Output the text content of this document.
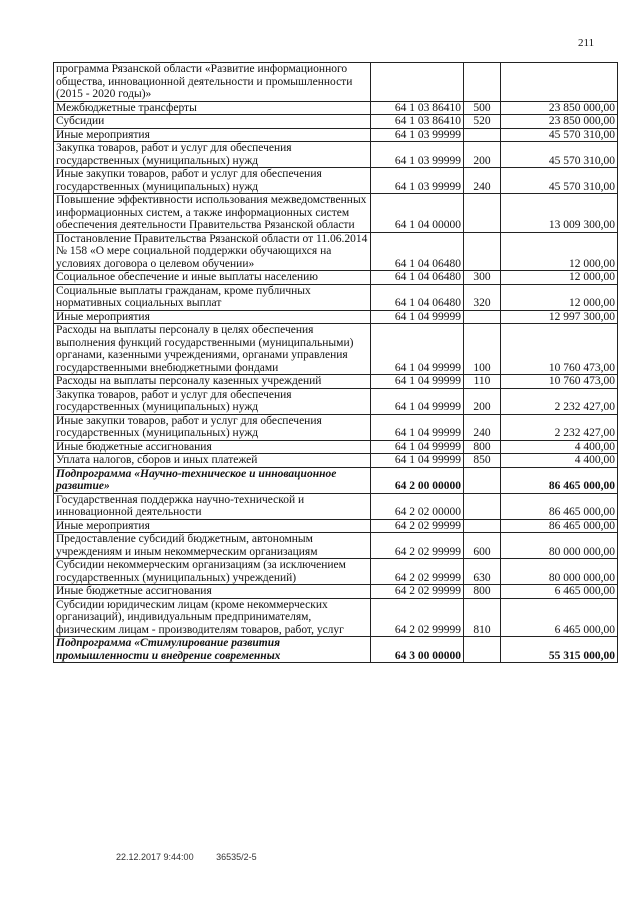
211
программа Рязанской области «Развитие информационного общества, инновационной деятельности и промышленности (2015 - 2020 годы)»			
Межбюджетные трансферты	64 1 03 86410	500	23 850 000,00
Субсидии	64 1 03 86410	520	23 850 000,00
Иные мероприятия	64 1 03 99999		45 570 310,00
Закупка товаров, работ и услуг для обеспечения государственных (муниципальных) нужд	64 1 03 99999	200	45 570 310,00
Иные закупки товаров, работ и услуг для обеспечения государственных (муниципальных) нужд	64 1 03 99999	240	45 570 310,00
Повышение эффективности использования межведомственных информационных систем, а также информационных систем обеспечения деятельности Правительства Рязанской области	64 1 04 00000		13 009 300,00
Постановление Правительства Рязанской области от 11.06.2014 № 158 «О мере социальной поддержки обучающихся на условиях договора о целевом обучении»	64 1 04 06480		12 000,00
Социальное обеспечение и иные выплаты населению	64 1 04 06480	300	12 000,00
Социальные выплаты гражданам, кроме публичных нормативных социальных выплат	64 1 04 06480	320	12 000,00
Иные мероприятия	64 1 04 99999		12 997 300,00
Расходы на выплаты персоналу в целях обеспечения выполнения функций государственными (муниципальными) органами, казенными учреждениями, органами управления государственными внебюджетными фондами	64 1 04 99999	100	10 760 473,00
Расходы на выплаты персоналу казенных учреждений	64 1 04 99999	110	10 760 473,00
Закупка товаров, работ и услуг для обеспечения государственных (муниципальных) нужд	64 1 04 99999	200	2 232 427,00
Иные закупки товаров, работ и услуг для обеспечения государственных (муниципальных) нужд	64 1 04 99999	240	2 232 427,00
Иные бюджетные ассигнования	64 1 04 99999	800	4 400,00
Уплата налогов, сборов и иных платежей	64 1 04 99999	850	4 400,00
Подпрограмма «Научно-техническое и инновационное развитие»	64 2 00 00000		86 465 000,00
Государственная поддержка научно-технической и инновационной деятельности	64 2 02 00000		86 465 000,00
Иные мероприятия	64 2 02 99999		86 465 000,00
Предоставление субсидий бюджетным, автономным учреждениям и иным некоммерческим организациям	64 2 02 99999	600	80 000 000,00
Субсидии некоммерческим организациям (за исключением государственных (муниципальных) учреждений)	64 2 02 99999	630	80 000 000,00
Иные бюджетные ассигнования	64 2 02 99999	800	6 465 000,00
Субсидии юридическим лицам (кроме некоммерческих организаций), индивидуальным предпринимателям, физическим лицам - производителям товаров, работ, услуг	64 2 02 99999	810	6 465 000,00
Подпрограмма «Стимулирование развития промышленности и внедрение современных	64 3 00 00000		55 315 000,00
22.12.2017 9:44:00	36535/2-5
